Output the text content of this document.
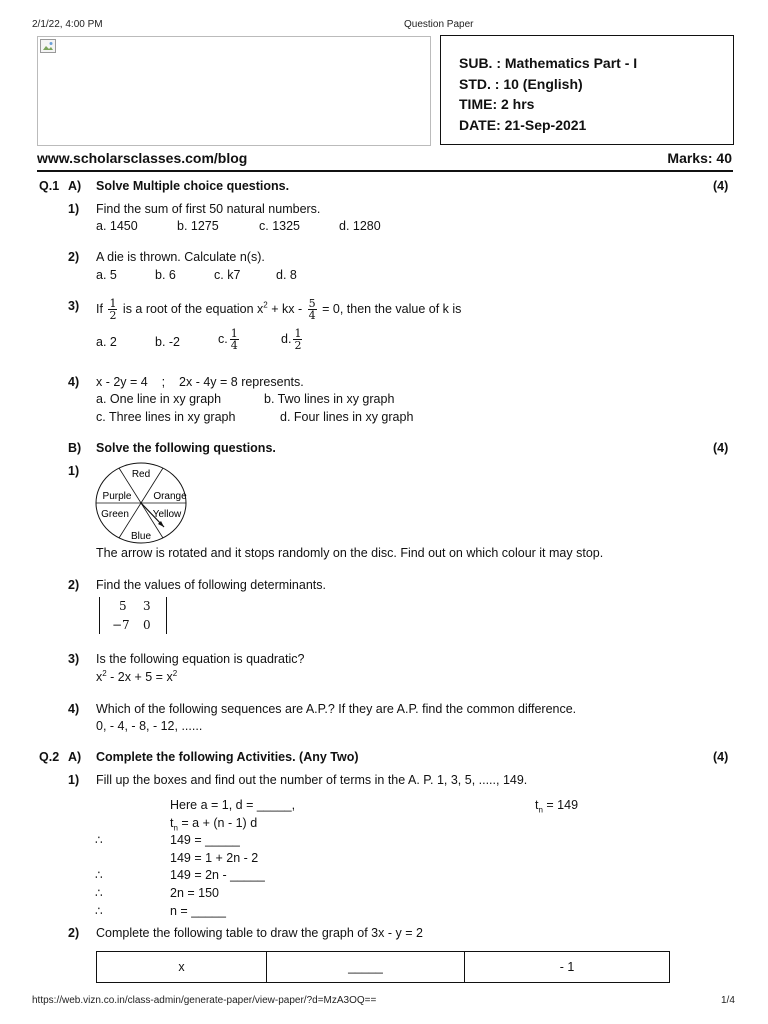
2/1/22, 4:00 PM	Question Paper
SUB. : Mathematics Part - I
STD. : 10 (English)
TIME: 2 hrs
DATE: 21-Sep-2021
www.scholarsclasses.com/blog	Marks: 40
Q.1 A) Solve Multiple choice questions.	(4)
1) Find the sum of first 50 natural numbers.
a. 1450	b. 1275	c. 1325	d. 1280
2) A die is thrown. Calculate n(s).
a. 5	b. 6	c. k7	d. 8
3) If $\frac{1}{2}$ is a root of the equation $x^2$ + kx - $\frac{5}{4} = 0$, then the value of k is
a. 2	b. -2	c. $\frac{1}{4}$	d. $\frac{1}{2}$
4) x - 2y = 4    ;    2x - 4y = 8 represents.
a. One line in xy graph	b. Two lines in xy graph
c. Three lines in xy graph	d. Four lines in xy graph
B) Solve the following questions.	(4)
1)	Red
Orange
Yellow
Blue
Green
Purple
The arrow is rotated and it stops randomly on the disc. Find out on which colour it may stop.
2) Find the values of following determinants.
5 3
−7 0
3) Is the following equation is quadratic?
$x^2 - 2x + 5 = x^2$
4) Which of the following sequences are A.P.? If they are A.P. find the common difference.
0, - 4, - 8, - 12, ......
Q.2 A) Complete the following Activities. (Any Two)	(4)
1) Fill up the boxes and find out the number of terms in the A. P. 1, 3, 5, ....., 149.
Here a = 1, d = _____,	$t_n = 149$
$t_n = a + (n - 1)$ d
∴	149 = _____
149 = 1 + 2n - 2
∴	149 = 2n - _____
∴	2n = 150
∴	n = _____
2) Complete the following table to draw the graph of 3x - y = 2
x	_____	- 1
https://web.vizn.co.in/class-admin/generate-paper/view-paper/?d=MzA3OQ==	1/4
